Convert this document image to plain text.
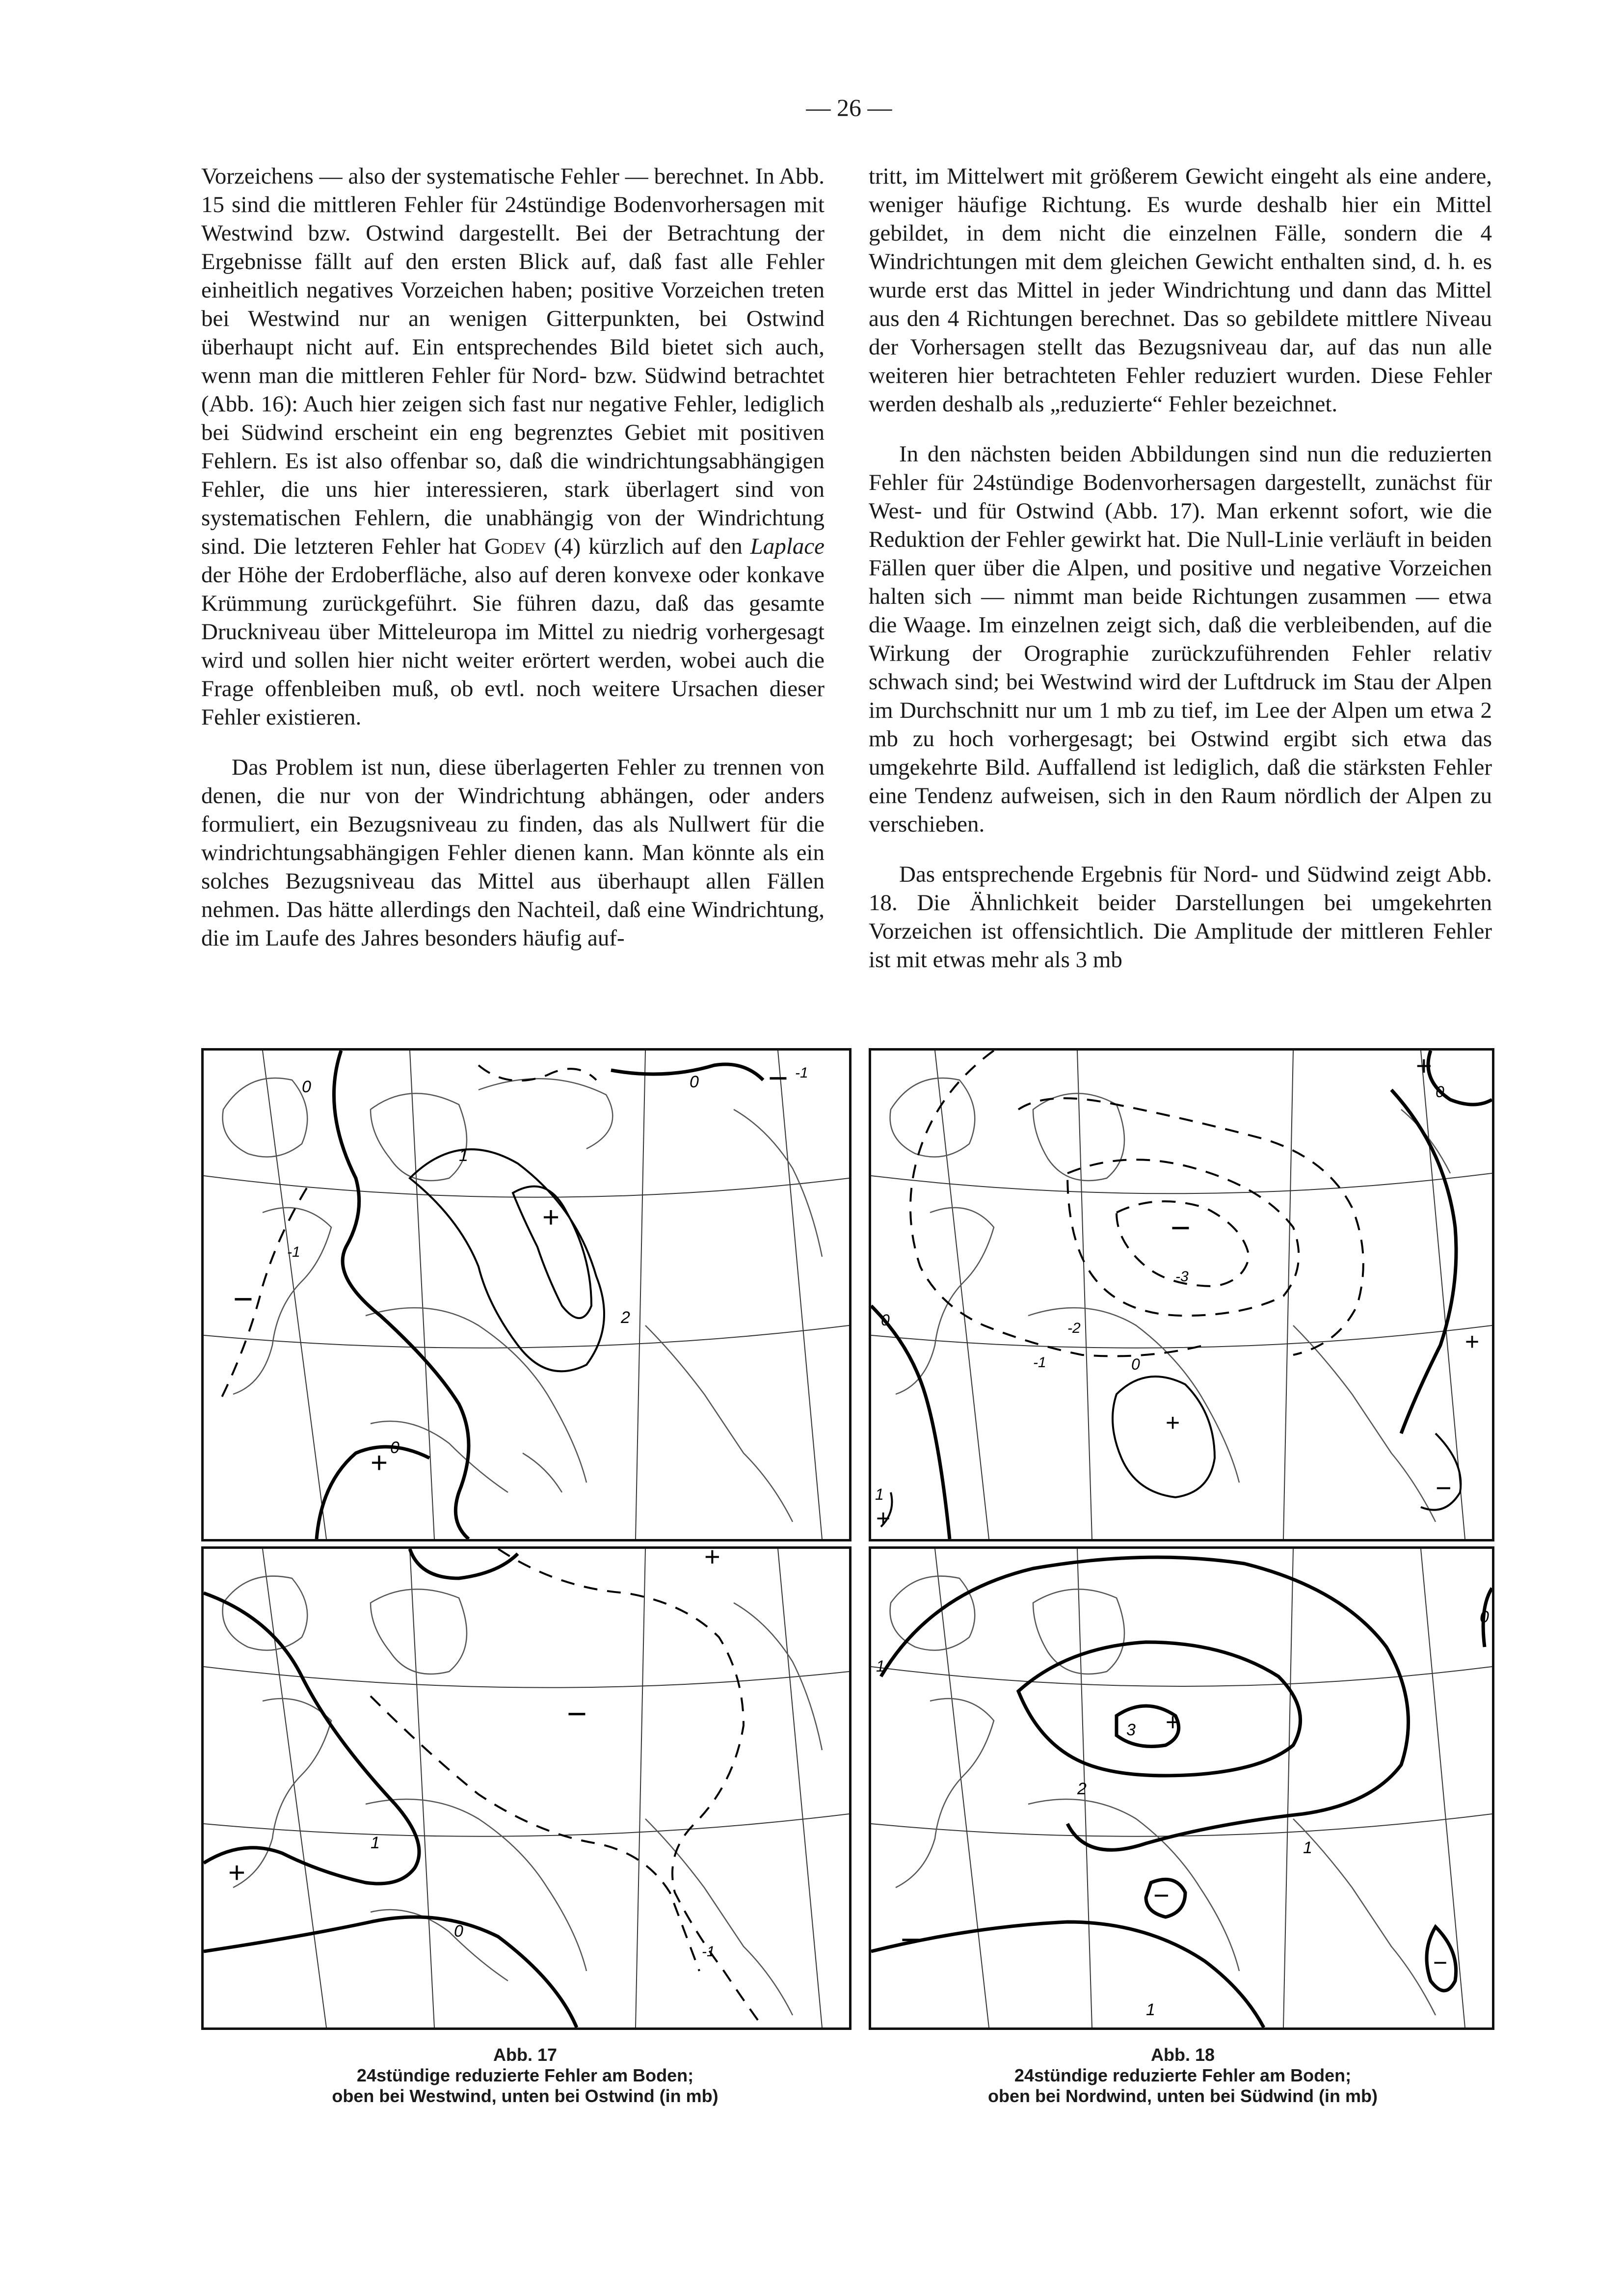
— 26 —

Vorzeichens — also der systematische Fehler — berechnet. In Abb. 15 sind die mittleren Fehler für 24stündige Bodenvorhersagen mit Westwind bzw. Ostwind dargestellt. Bei der Betrachtung der Ergebnisse fällt auf den ersten Blick auf, daß fast alle Fehler einheitlich negatives Vorzeichen haben; positive Vorzeichen treten bei Westwind nur an wenigen Gitterpunkten, bei Ostwind überhaupt nicht auf. Ein entsprechendes Bild bietet sich auch, wenn man die mittleren Fehler für Nord- bzw. Südwind betrachtet (Abb. 16): Auch hier zeigen sich fast nur negative Fehler, lediglich bei Südwind erscheint ein eng begrenztes Gebiet mit positiven Fehlern. Es ist also offenbar so, daß die windrichtungsabhängigen Fehler, die uns hier interessieren, stark überlagert sind von systematischen Fehlern, die unabhängig von der Windrichtung sind. Die letzteren Fehler hat Godev (4) kürzlich auf den Laplace der Höhe der Erdoberfläche, also auf deren konvexe oder konkave Krümmung zurückgeführt. Sie führen dazu, daß das gesamte Druckniveau über Mitteleuropa im Mittel zu niedrig vorhergesagt wird und sollen hier nicht weiter erörtert werden, wobei auch die Frage offenbleiben muß, ob evtl. noch weitere Ursachen dieser Fehler existieren.

Das Problem ist nun, diese überlagerten Fehler zu trennen von denen, die nur von der Windrichtung abhängen, oder anders formuliert, ein Bezugsniveau zu finden, das als Nullwert für die windrichtungsabhängigen Fehler dienen kann. Man könnte als ein solches Bezugsniveau das Mittel aus überhaupt allen Fällen nehmen. Das hätte allerdings den Nachteil, daß eine Windrichtung, die im Laufe des Jahres besonders häufig auf-

tritt, im Mittelwert mit größerem Gewicht eingeht als eine andere, weniger häufige Richtung. Es wurde deshalb hier ein Mittel gebildet, in dem nicht die einzelnen Fälle, sondern die 4 Windrichtungen mit dem gleichen Gewicht enthalten sind, d. h. es wurde erst das Mittel in jeder Windrichtung und dann das Mittel aus den 4 Richtungen berechnet. Das so gebildete mittlere Niveau der Vorhersagen stellt das Bezugsniveau dar, auf das nun alle weiteren hier betrachteten Fehler reduziert wurden. Diese Fehler werden deshalb als „reduzierte“ Fehler bezeichnet.

In den nächsten beiden Abbildungen sind nun die reduzierten Fehler für 24stündige Bodenvorhersagen dargestellt, zunächst für West- und für Ostwind (Abb. 17). Man erkennt sofort, wie die Reduktion der Fehler gewirkt hat. Die Null-Linie verläuft in beiden Fällen quer über die Alpen, und positive und negative Vorzeichen halten sich — nimmt man beide Richtungen zusammen — etwa die Waage. Im einzelnen zeigt sich, daß die verbleibenden, auf die Wirkung der Orographie zurückzuführenden Fehler relativ schwach sind; bei Westwind wird der Luftdruck im Stau der Alpen im Durchschnitt nur um 1 mb zu tief, im Lee der Alpen um etwa 2 mb zu hoch vorhergesagt; bei Ostwind ergibt sich etwa das umgekehrte Bild. Auffallend ist lediglich, daß die stärksten Fehler eine Tendenz aufweisen, sich in den Raum nördlich der Alpen zu verschieben.

Das entsprechende Ergebnis für Nord- und Südwind zeigt Abb. 18. Die Ähnlichkeit beider Darstellungen bei umgekehrten Vorzeichen ist offensichtlich. Die Amplitude der mittleren Fehler ist mit etwas mehr als 3 mb

+
−
−
+
0	0	-1
1
2
-1
0
+
−
+
1
0
-1
+
0
−
-3
-2
-1
0
0
+
+
+
1	−
0
1
+
3
2
1
−
−
−
1
Abb. 17
24stündige reduzierte Fehler am Boden;
oben bei Westwind, unten bei Ostwind (in mb)
Abb. 18
24stündige reduzierte Fehler am Boden;
oben bei Nordwind, unten bei Südwind (in mb)
